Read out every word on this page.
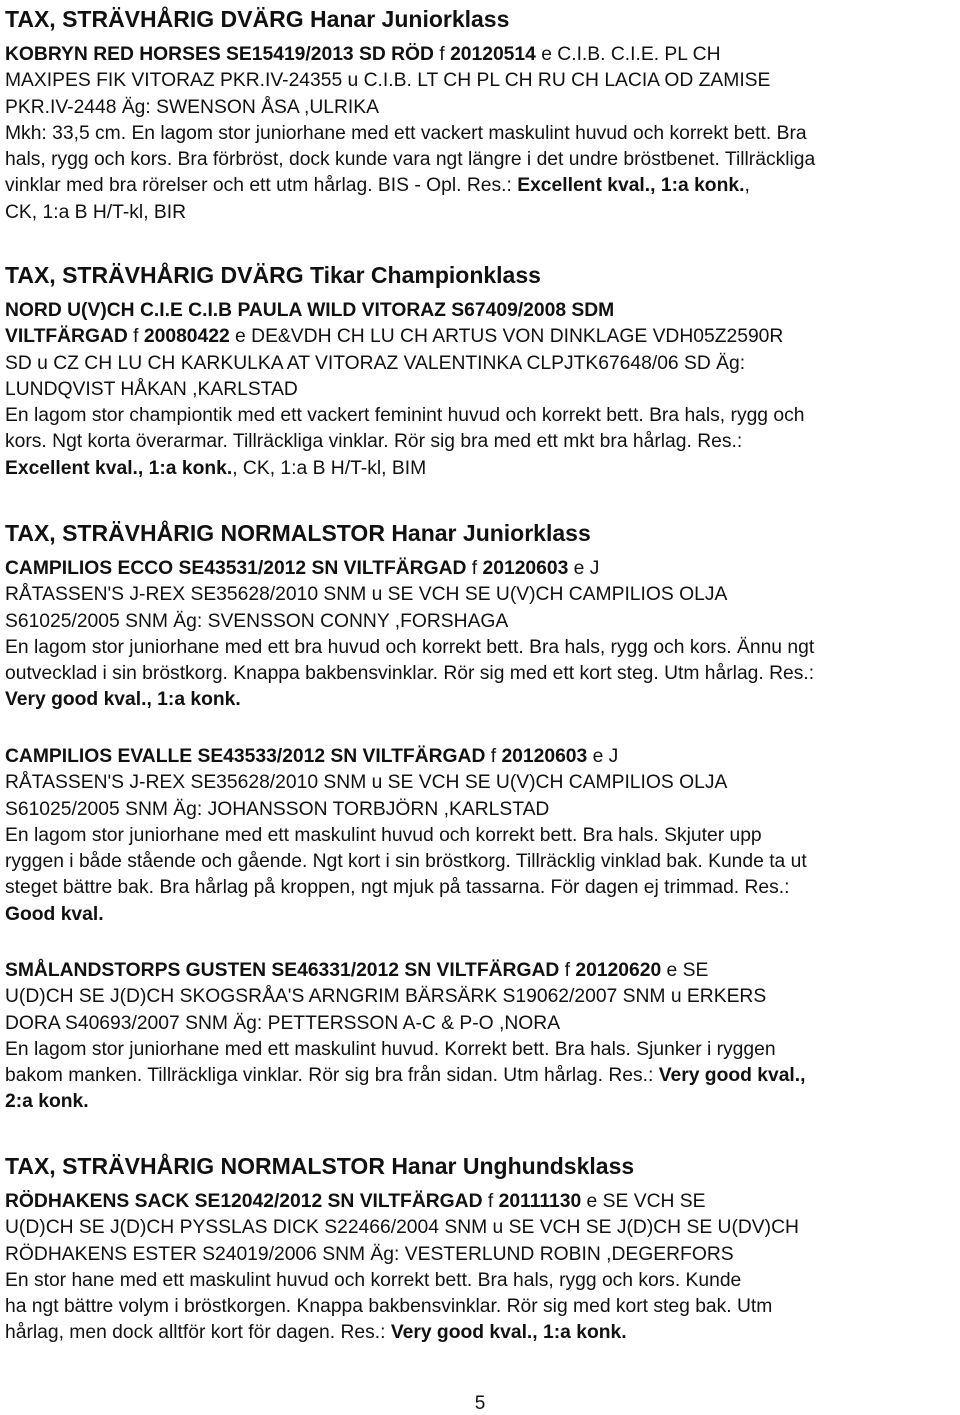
TAX, STRÄVHÅRIG DVÄRG Hanar Juniorklass
KOBRYN RED HORSES SE15419/2013 SD RÖD f 20120514 e C.I.B. C.I.E. PL CH
MAXIPES FIK VITORAZ PKR.IV-24355 u C.I.B. LT CH PL CH RU CH LACIA OD ZAMISE
PKR.IV-2448 Äg: SWENSON ÅSA ,ULRIKA
Mkh: 33,5 cm. En lagom stor juniorhane med ett vackert maskulint huvud och korrekt bett. Bra
hals, rygg och kors. Bra förbröst, dock kunde vara ngt längre i det undre bröstbenet. Tillräckliga
vinklar med bra rörelser och ett utm hårlag. BIS - Opl. Res.: Excellent kval., 1:a konk.,
CK, 1:a B H/T-kl, BIR
TAX, STRÄVHÅRIG DVÄRG Tikar Championklass
NORD U(V)CH C.I.E C.I.B PAULA WILD VITORAZ S67409/2008 SDM
VILTFÄRGAD f 20080422 e DE&VDH CH LU CH ARTUS VON DINKLAGE VDH05Z2590R
SD u CZ CH LU CH KARKULKA AT VITORAZ VALENTINKA CLPJTK67648/06 SD Äg:
LUNDQVIST HÅKAN ,KARLSTAD
En lagom stor championtik med ett vackert feminint huvud och korrekt bett. Bra hals, rygg och
kors. Ngt korta överarmar. Tillräckliga vinklar. Rör sig bra med ett mkt bra hårlag. Res.:
Excellent kval., 1:a konk., CK, 1:a B H/T-kl, BIM
TAX, STRÄVHÅRIG NORMALSTOR Hanar Juniorklass
CAMPILIOS ECCO SE43531/2012 SN VILTFÄRGAD f 20120603 e J
RÅTASSEN'S J-REX SE35628/2010 SNM u SE VCH SE U(V)CH CAMPILIOS OLJA
S61025/2005 SNM Äg: SVENSSON CONNY ,FORSHAGA
En lagom stor juniorhane med ett bra huvud och korrekt bett. Bra hals, rygg och kors. Ännu ngt
outvecklad i sin bröstkorg. Knappa bakbensvinklar. Rör sig med ett kort steg. Utm hårlag. Res.:
Very good kval., 1:a konk.
CAMPILIOS EVALLE SE43533/2012 SN VILTFÄRGAD f 20120603 e J
RÅTASSEN'S J-REX SE35628/2010 SNM u SE VCH SE U(V)CH CAMPILIOS OLJA
S61025/2005 SNM Äg: JOHANSSON TORBJÖRN ,KARLSTAD
En lagom stor juniorhane med ett maskulint huvud och korrekt bett. Bra hals. Skjuter upp
ryggen i både stående och gående. Ngt kort i sin bröstkorg. Tillräcklig vinklad bak. Kunde ta ut
steget bättre bak. Bra hårlag på kroppen, ngt mjuk på tassarna. För dagen ej trimmad. Res.:
Good kval.
SMÅLANDSTORPS GUSTEN SE46331/2012 SN VILTFÄRGAD f 20120620 e SE
U(D)CH SE J(D)CH SKOGSRÅA'S ARNGRIM BÄRSÄRK S19062/2007 SNM u ERKERS
DORA S40693/2007 SNM Äg: PETTERSSON A-C & P-O ,NORA
En lagom stor juniorhane med ett maskulint huvud. Korrekt bett. Bra hals. Sjunker i ryggen
bakom manken. Tillräckliga vinklar. Rör sig bra från sidan. Utm hårlag. Res.: Very good kval.,
2:a konk.
TAX, STRÄVHÅRIG NORMALSTOR Hanar Unghundsklass
RÖDHAKENS SACK SE12042/2012 SN VILTFÄRGAD f 20111130 e SE VCH SE
U(D)CH SE J(D)CH PYSSLAS DICK S22466/2004 SNM u SE VCH SE J(D)CH SE U(DV)CH
RÖDHAKENS ESTER S24019/2006 SNM Äg: VESTERLUND ROBIN ,DEGERFORS
En stor hane med ett maskulint huvud och korrekt bett. Bra hals, rygg och kors. Kunde
ha ngt bättre volym i bröstkorgen. Knappa bakbensvinklar. Rör sig med kort steg bak. Utm
hårlag, men dock alltför kort för dagen. Res.: Very good kval., 1:a konk.
5
